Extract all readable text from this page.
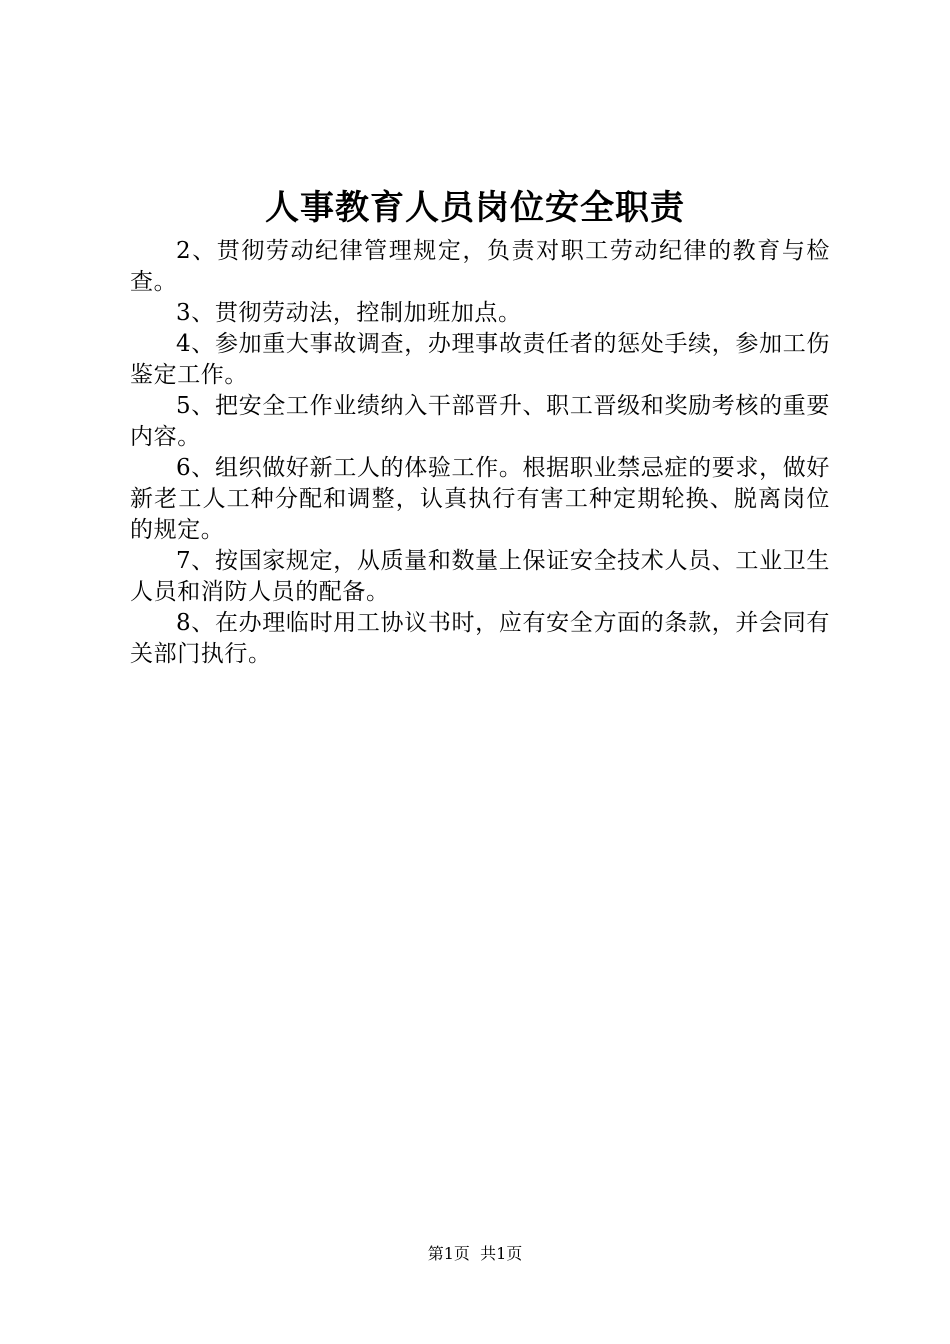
人事教育人员岗位安全职责

2、贯彻劳动纪律管理规定，负责对职工劳动纪律的教育与检查。

3、贯彻劳动法，控制加班加点。

4、参加重大事故调查，办理事故责任者的惩处手续，参加工伤鉴定工作。

5、把安全工作业绩纳入干部晋升、职工晋级和奖励考核的重要内容。

6、组织做好新工人的体验工作。根据职业禁忌症的要求，做好新老工人工种分配和调整，认真执行有害工种定期轮换、脱离岗位的规定。

7、按国家规定，从质量和数量上保证安全技术人员、工业卫生人员和消防人员的配备。

8、在办理临时用工协议书时，应有安全方面的条款，并会同有关部门执行。

第1页 共1页
